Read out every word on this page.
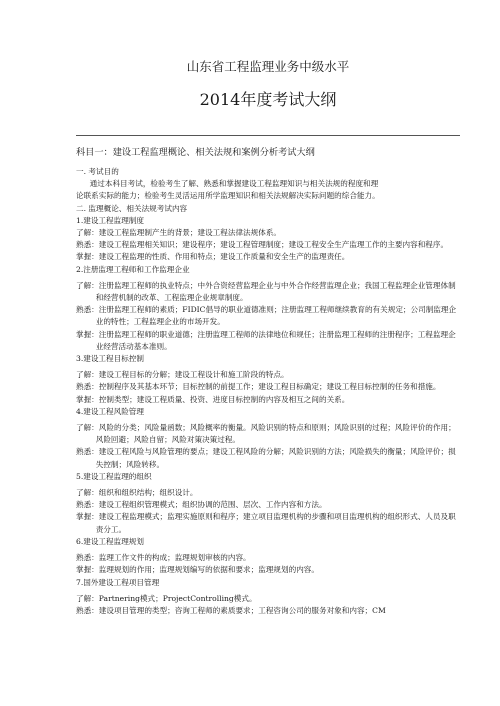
山东省工程监理业务中级水平

2014年度考试大纲

科目一：建设工程监理概论、相关法规和案例分析考试大纲

一. 考试目的

通过本科目考试，检验考生了解、熟悉和掌握建设工程监理知识与相关法规的程度和理

论联系实际的能力；检验考生灵活运用所学监理知识和相关法规解决实际问题的综合能力。

二. 监理概论、相关法规考试内容

1.建设工程监理制度

了解：建设工程监理制产生的背景；建设工程法律法规体系。

熟悉：建设工程监理相关知识；建设程序；建设工程管理制度；建设工程安全生产监理工作的主要内容和程序。

掌握：建设工程监理的性质、作用和特点；建设工作质量和安全生产的监理责任。

2.注册监理工程师和工作监理企业

了解：注册监理工程师的执业特点；中外合资经营监理企业与中外合作经营监理企业；我国工程监理企业管理体制和经营机制的改革、工程监理企业规章制度。

熟悉：注册监理工程师的素质；FIDIC倡导的职业道德准则；注册监理工程师继续教育的有关规定；公司制监理企业的特性；工程监理企业的市场开发。

掌握：注册监理工程师的职业道德；注册监理工程师的法律地位和规任；注册监理工程师的注册程序；工程监理企业经营活动基本准则。

3.建设工程目标控制

了解：建设工程目标的分解；建设工程设计和施工阶段的特点。

熟悉：控制程序及其基本环节；目标控制的前提工作；建设工程目标确定；建设工程目标控制的任务和措施。

掌握：控制类型；建设工程质量、投资、进度目标控制的内容及相互之间的关系。

4.建设工程风险管理

了解：风险的分类；风险量函数；风险概率的衡量。风险识别的特点和原则；风险识别的过程；风险评价的作用；风险回避；风险自留；风险对策决策过程。

熟悉：建设工程风险与风险管理的要点；建设工程风险的分解；风险识别的方法；风险损失的衡量；风险评价；损失控制；风险转移。

5.建设工程监理的组织

了解：组织和组织结构；组织设计。

熟悉：建设工程组织管理模式；组织协调的范围、层次、工作内容和方法。

掌握：建设工程监理模式；监理实施原则和程序；建立项目监理机构的步骤和项目监理机构的组织形式、人员及职责分工。

6.建设工程监理规划

熟悉：监理工作文件的构成；监理规划审核的内容。

掌握：监理规划的作用；监理规划编写的依据和要求；监理规划的内容。

7.国外建设工程项目管理

了解：Partnering模式；ProjectControlling模式。

熟悉：建设项目管理的类型；咨询工程师的素质要求；工程咨询公司的服务对象和内容；CM
